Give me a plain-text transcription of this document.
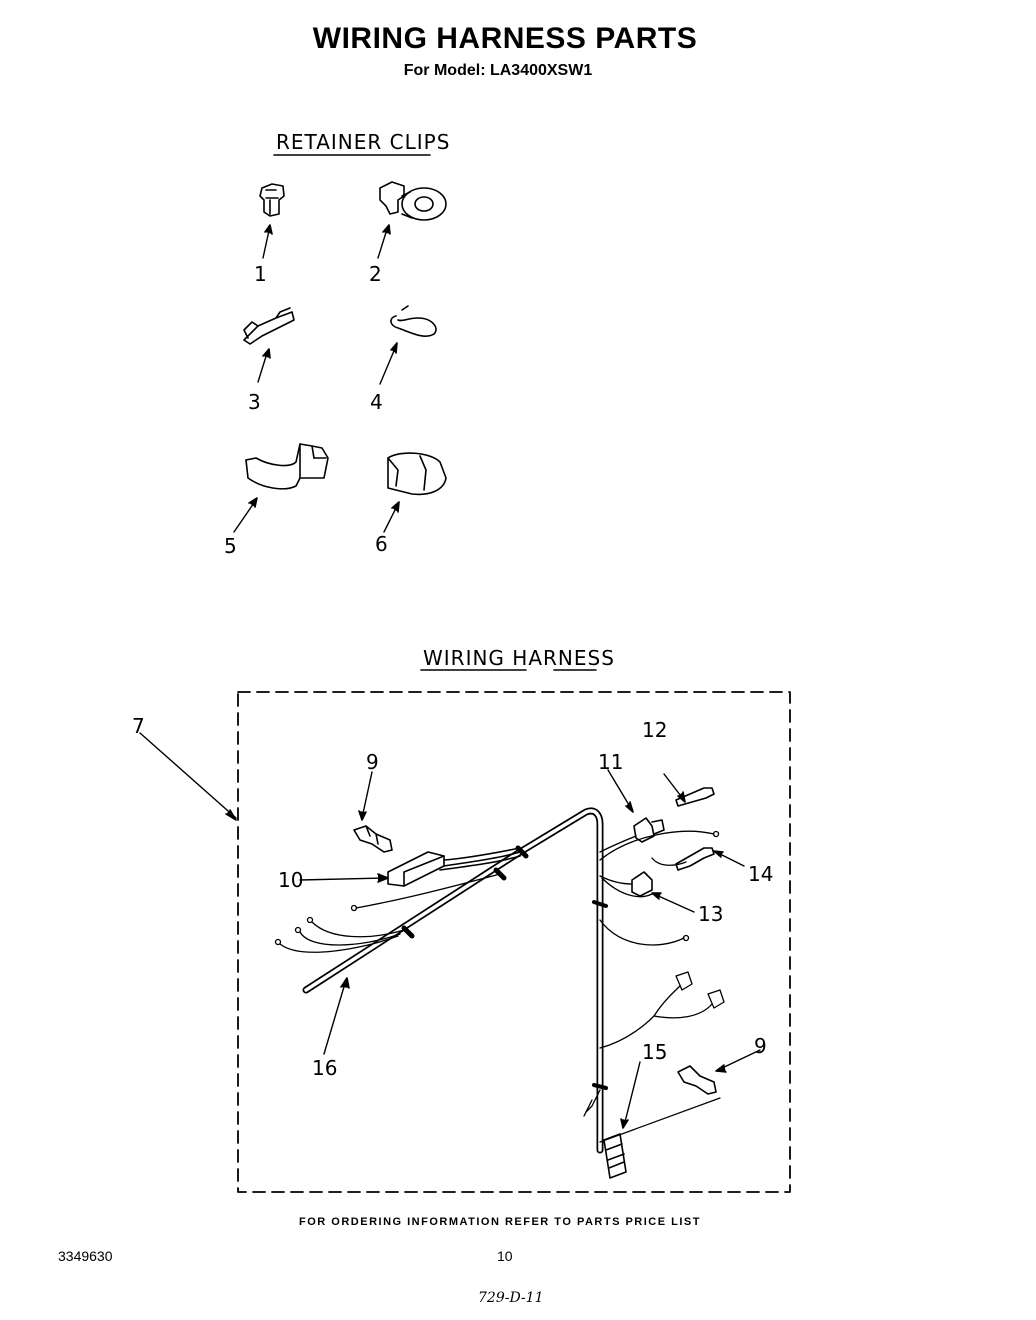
WIRING HARNESS PARTS
For Model: LA3400XSW1
RETAINER CLIPS
WIRING HARNESS
1	2
3	4
5	6
7
9
9
10
11
12
13
14
15
16
FOR ORDERING INFORMATION REFER TO PARTS PRICE LIST
3349630	10
729-D-11
